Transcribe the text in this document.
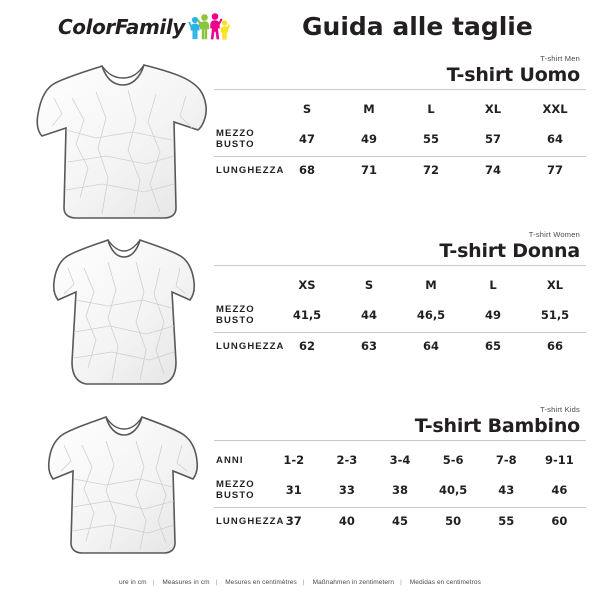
ColorFamily	Guida alle taglie
T-shirt Men
T-shirt Uomo
	S	M	L	XL	XXL
MEZZO BUSTO	47	49	55	57	64
LUNGHEZZA	68	71	72	74	77
T-shirt Women
T-shirt Donna
	XS	S	M	L	XL
MEZZO BUSTO	41,5	44	46,5	49	51,5
LUNGHEZZA	62	63	64	65	66
T-shirt Kids
T-shirt Bambino
ANNI	1-2	2-3	3-4	5-6	7-8	9-11
MEZZO BUSTO	31	33	38	40,5	43	46
LUNGHEZZA	37	40	45	50	55	60
ure in cm | Measures in cm | Mesures en centimètres | Maßnahmen in zentimetern | Medidas en centimetros
